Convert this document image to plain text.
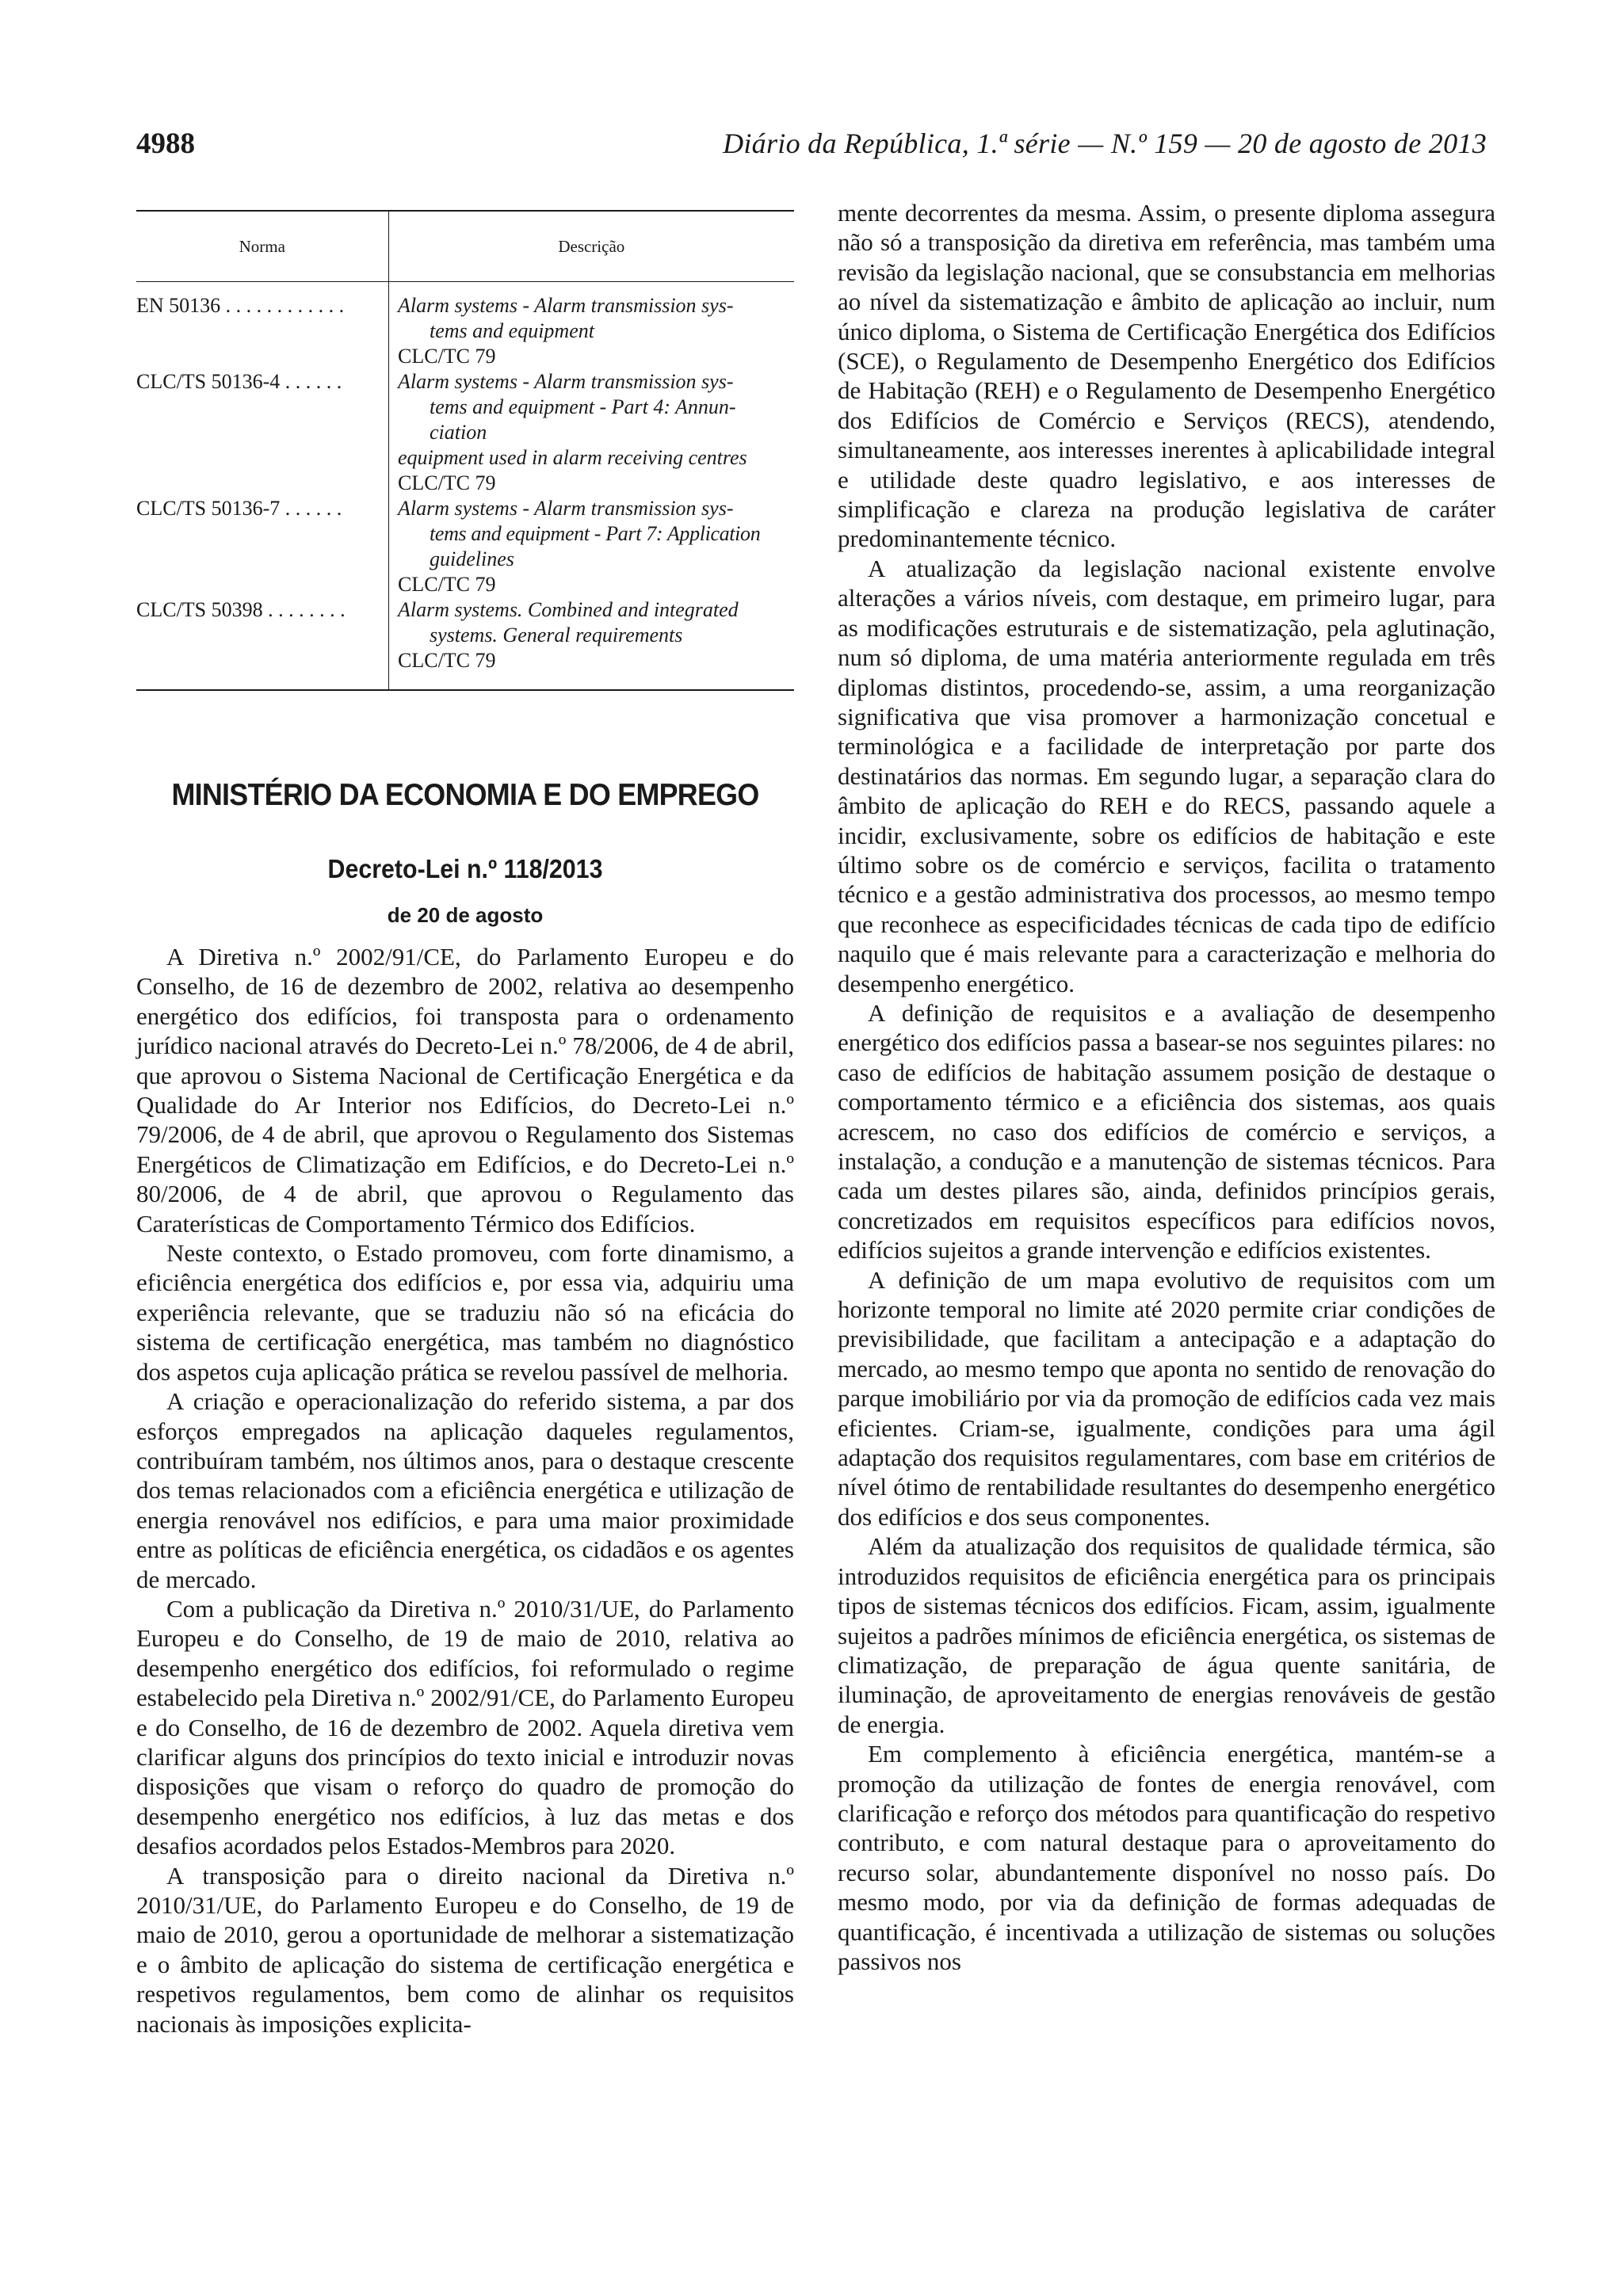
4988	Diário da República, 1.ª série — N.º 159 — 20 de agosto de 2013
Norma	Descrição
EN 50136 . . . . . . . . . . . .	Alarm systems - Alarm transmission sys-
tems and equipment
CLC/TC 79
CLC/TS 50136-4 . . . . . .	Alarm systems - Alarm transmission sys-
tems and equipment - Part 4: Annun-
ciation
equipment used in alarm receiving centres
CLC/TC 79
CLC/TS 50136-7 . . . . . .	Alarm systems - Alarm transmission sys-
tems and equipment - Part 7: Application
guidelines
CLC/TC 79
CLC/TS 50398 . . . . . . . .	Alarm systems. Combined and integrated
systems. General requirements
CLC/TC 79
MINISTÉRIO DA ECONOMIA E DO EMPREGO
Decreto-Lei n.º 118/2013
de 20 de agosto

A Diretiva n.º 2002/91/CE, do Parlamento Europeu e do Conselho, de 16 de dezembro de 2002, relativa ao desempenho energético dos edifícios, foi transposta para o ordenamento jurídico nacional através do Decreto-Lei n.º 78/2006, de 4 de abril, que aprovou o Sistema Nacional de Certificação Energética e da Qualidade do Ar Interior nos Edifícios, do Decreto-Lei n.º 79/2006, de 4 de abril, que aprovou o Regulamento dos Sistemas Energéticos de Climatização em Edifícios, e do Decreto-Lei n.º 80/2006, de 4 de abril, que aprovou o Regulamento das Caraterísticas de Comportamento Térmico dos Edifícios.

Neste contexto, o Estado promoveu, com forte dinamismo, a eficiência energética dos edifícios e, por essa via, adquiriu uma experiência relevante, que se traduziu não só na eficácia do sistema de certificação energética, mas também no diagnóstico dos aspetos cuja aplicação prática se revelou passível de melhoria.

A criação e operacionalização do referido sistema, a par dos esforços empregados na aplicação daqueles regulamentos, contribuíram também, nos últimos anos, para o destaque crescente dos temas relacionados com a eficiência energética e utilização de energia renovável nos edifícios, e para uma maior proximidade entre as políticas de eficiência energética, os cidadãos e os agentes de mercado.

Com a publicação da Diretiva n.º 2010/31/UE, do Parlamento Europeu e do Conselho, de 19 de maio de 2010, relativa ao desempenho energético dos edifícios, foi reformulado o regime estabelecido pela Diretiva n.º 2002/91/CE, do Parlamento Europeu e do Conselho, de 16 de dezembro de 2002. Aquela diretiva vem clarificar alguns dos princípios do texto inicial e introduzir novas disposições que visam o reforço do quadro de promoção do desempenho energético nos edifícios, à luz das metas e dos desafios acordados pelos Estados-Membros para 2020.

A transposição para o direito nacional da Diretiva n.º 2010/31/UE, do Parlamento Europeu e do Conselho, de 19 de maio de 2010, gerou a oportunidade de melhorar a sistematização e o âmbito de aplicação do sistema de certificação energética e respetivos regulamentos, bem como de alinhar os requisitos nacionais às imposições explicita-

mente decorrentes da mesma. Assim, o presente diploma assegura não só a transposição da diretiva em referência, mas também uma revisão da legislação nacional, que se consubstancia em melhorias ao nível da sistematização e âmbito de aplicação ao incluir, num único diploma, o Sistema de Certificação Energética dos Edifícios (SCE), o Regulamento de Desempenho Energético dos Edifícios de Habitação (REH) e o Regulamento de Desempenho Energético dos Edifícios de Comércio e Serviços (RECS), atendendo, simultaneamente, aos interesses inerentes à aplicabilidade integral e utilidade deste quadro legislativo, e aos interesses de simplificação e clareza na produção legislativa de caráter predominantemente técnico.

A atualização da legislação nacional existente envolve alterações a vários níveis, com destaque, em primeiro lugar, para as modificações estruturais e de sistematização, pela aglutinação, num só diploma, de uma matéria anteriormente regulada em três diplomas distintos, procedendo-se, assim, a uma reorganização significativa que visa promover a harmonização concetual e terminológica e a facilidade de interpretação por parte dos destinatários das normas. Em segundo lugar, a separação clara do âmbito de aplicação do REH e do RECS, passando aquele a incidir, exclusivamente, sobre os edifícios de habitação e este último sobre os de comércio e serviços, facilita o tratamento técnico e a gestão administrativa dos processos, ao mesmo tempo que reconhece as especificidades técnicas de cada tipo de edifício naquilo que é mais relevante para a caracterização e melhoria do desempenho energético.

A definição de requisitos e a avaliação de desempenho energético dos edifícios passa a basear-se nos seguintes pilares: no caso de edifícios de habitação assumem posição de destaque o comportamento térmico e a eficiência dos sistemas, aos quais acrescem, no caso dos edifícios de comércio e serviços, a instalação, a condução e a manutenção de sistemas técnicos. Para cada um destes pilares são, ainda, definidos princípios gerais, concretizados em requisitos específicos para edifícios novos, edifícios sujeitos a grande intervenção e edifícios existentes.

A definição de um mapa evolutivo de requisitos com um horizonte temporal no limite até 2020 permite criar condições de previsibilidade, que facilitam a antecipação e a adaptação do mercado, ao mesmo tempo que aponta no sentido de renovação do parque imobiliário por via da promoção de edifícios cada vez mais eficientes. Criam-se, igualmente, condições para uma ágil adaptação dos requisitos regulamentares, com base em critérios de nível ótimo de rentabilidade resultantes do desempenho energético dos edifícios e dos seus componentes.

Além da atualização dos requisitos de qualidade térmica, são introduzidos requisitos de eficiência energética para os principais tipos de sistemas técnicos dos edifícios. Ficam, assim, igualmente sujeitos a padrões mínimos de eficiência energética, os sistemas de climatização, de preparação de água quente sanitária, de iluminação, de aproveitamento de energias renováveis de gestão de energia.

Em complemento à eficiência energética, mantém-se a promoção da utilização de fontes de energia renovável, com clarificação e reforço dos métodos para quantificação do respetivo contributo, e com natural destaque para o aproveitamento do recurso solar, abundantemente disponível no nosso país. Do mesmo modo, por via da definição de formas adequadas de quantificação, é incentivada a utilização de sistemas ou soluções passivos nos
